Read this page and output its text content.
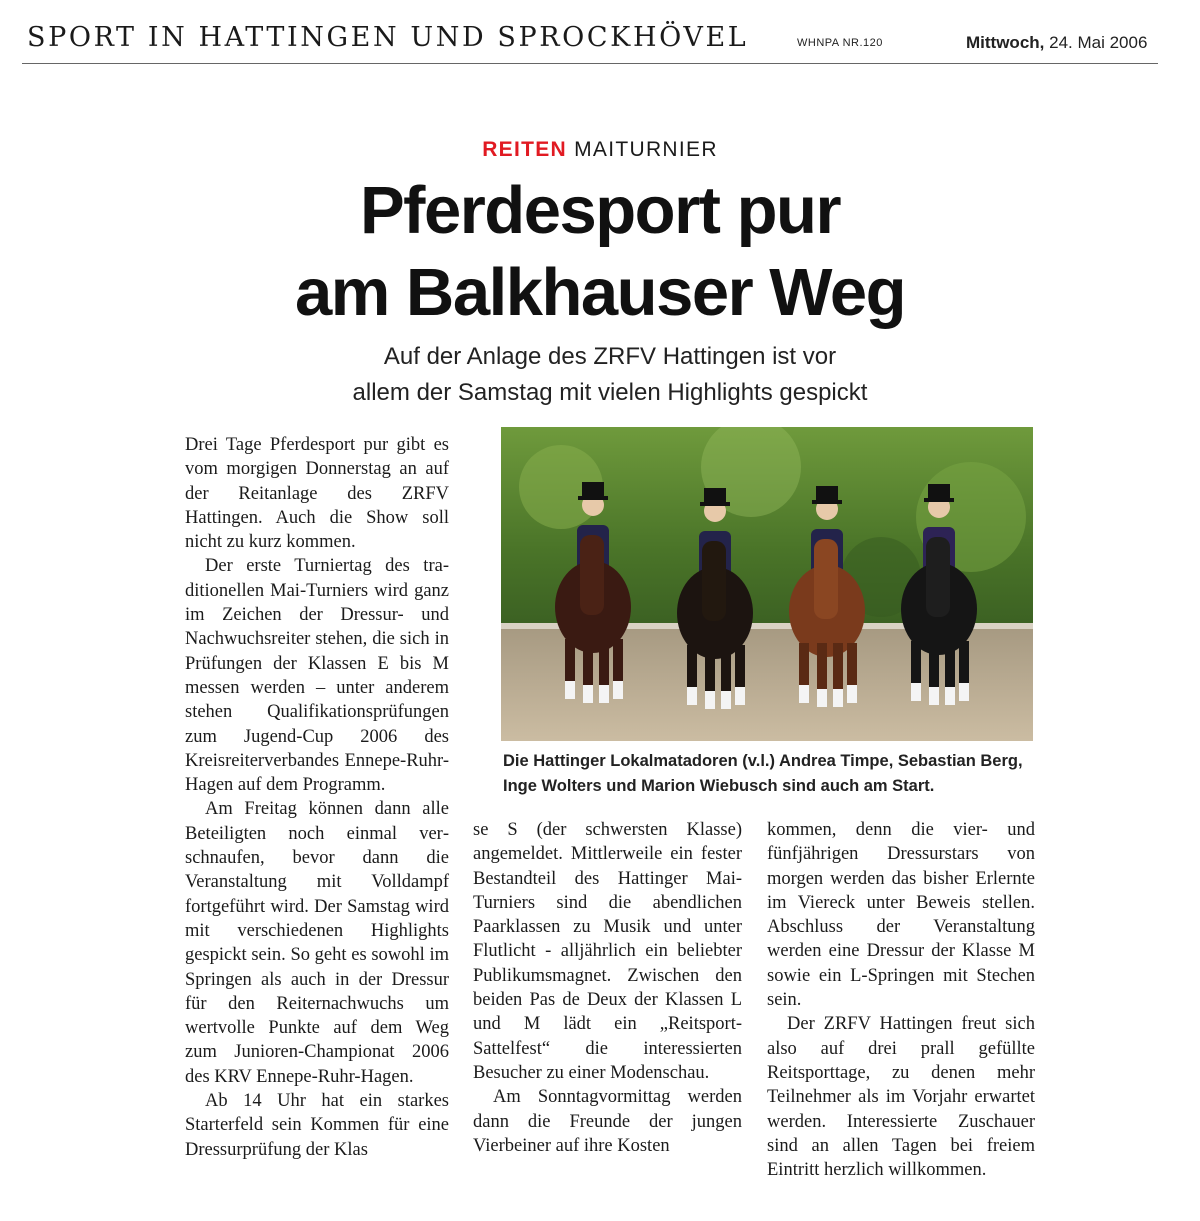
SPORT IN HATTINGEN UND SPROCKHÖVEL	WHNPA NR.120	Mittwoch, 24. Mai 2006
REITEN MAITURNIER
Pferdesport pur
am Balkhauser Weg
Auf der Anlage des ZRFV Hattingen ist vor
allem der Samstag mit vielen Highlights gespickt

Drei Tage Pferdesport pur gibt es vom morgigen Donnerstag an auf der Reitanlage des ZRFV Hattingen. Auch die Show soll nicht zu kurz kommen.

Der erste Turniertag des traditionellen Mai-Turniers wird ganz im Zeichen der Dressur- und Nachwuchsreiter stehen, die sich in Prüfungen der Klassen E bis M messen werden – unter anderem stehen Qualifikationsprüfungen zum Jugend-Cup 2006 des Kreisreiterverbandes Ennepe-Ruhr-Hagen auf dem Programm.

Am Freitag können dann alle Beteiligten noch einmal verschnaufen, bevor dann die Veranstaltung mit Volldampf fortgeführt wird. Der Samstag wird mit verschiedenen Highlights gespickt sein. So geht es sowohl im Springen als auch in der Dressur für den Reiternachwuchs um wertvolle Punkte auf dem Weg zum Junioren-Championat 2006 des KRV Ennepe-Ruhr-Hagen.

Ab 14 Uhr hat ein starkes Starterfeld sein Kommen für eine Dressurprüfung der Klas

Die Hattinger Lokalmatadoren (v.l.) Andrea Timpe, Sebastian Berg, Inge Wolters und Marion Wiebusch sind auch am Start.

se S (der schwersten Klasse) angemeldet. Mittlerweile ein fester Bestandteil des Hattinger Mai-Turniers sind die abendlichen Paarklassen zu Musik und unter Flutlicht - alljährlich ein beliebter Publikumsmagnet. Zwischen den beiden Pas de Deux der Klassen L und M lädt ein „Reitsport-Sattelfest“ die interessierten Besucher zu einer Modenschau.

Am Sonntagvormittag werden dann die Freunde der jungen Vierbeiner auf ihre Kosten

kommen, denn die vier- und fünfjährigen Dressurstars von morgen werden das bisher Erlernte im Viereck unter Beweis stellen. Abschluss der Veranstaltung werden eine Dressur der Klasse M sowie ein L-Springen mit Stechen sein.

Der ZRFV Hattingen freut sich also auf drei prall gefüllte Reitsporttage, zu denen mehr Teilnehmer als im Vorjahr erwartet werden. Interessierte Zuschauer sind an allen Tagen bei freiem Eintritt herzlich willkommen.
